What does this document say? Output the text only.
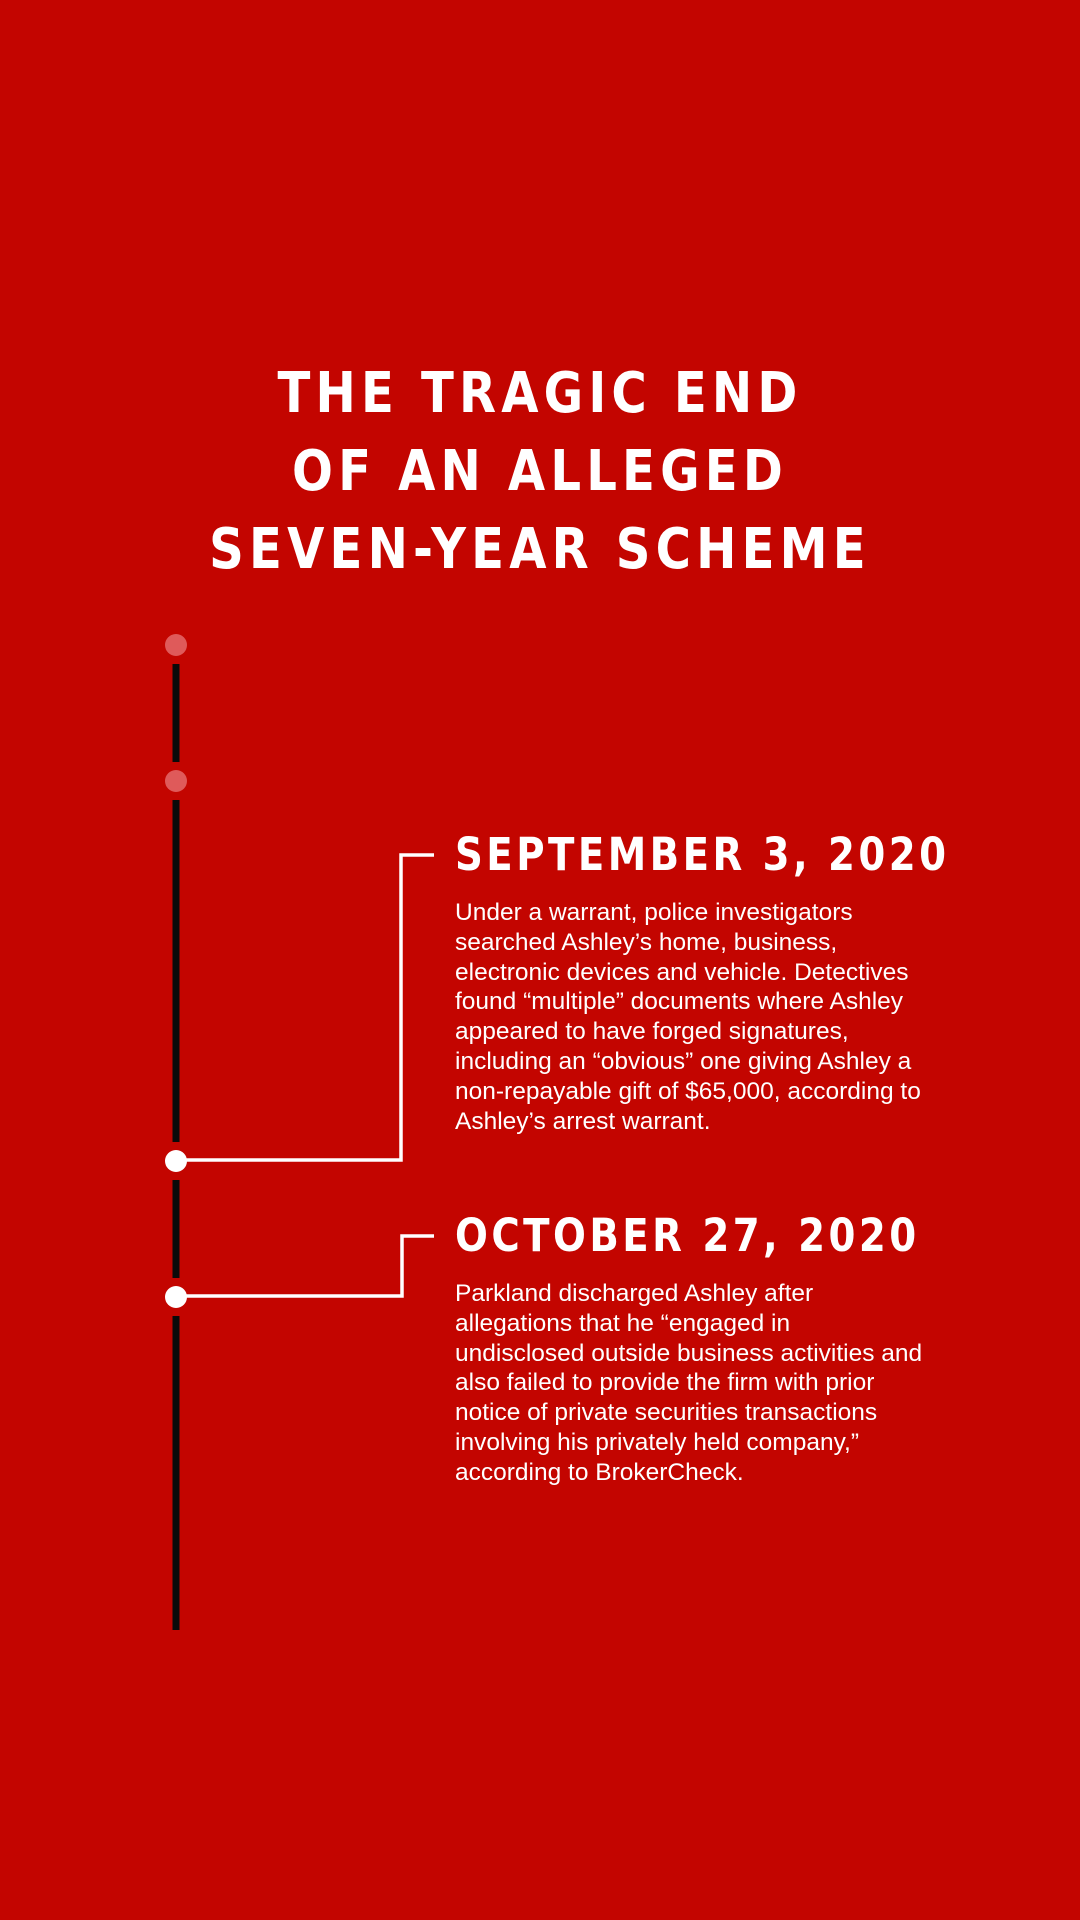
THE TRAGIC END
OF AN ALLEGED
SEVEN-YEAR SCHEME
SEPTEMBER 3, 2020

Under a warrant, police investigators searched Ashley’s home, business, electronic devices and vehicle. Detectives found “multiple” documents where Ashley appeared to have forged signatures, including an “obvious” one giving Ashley a non-repayable gift of $65,000, according to Ashley’s arrest warrant.

OCTOBER 27, 2020

Parkland discharged Ashley after allegations that he “engaged in undisclosed outside business activities and also failed to provide the firm with prior notice of private securities transactions involving his privately held company,” according to BrokerCheck.
